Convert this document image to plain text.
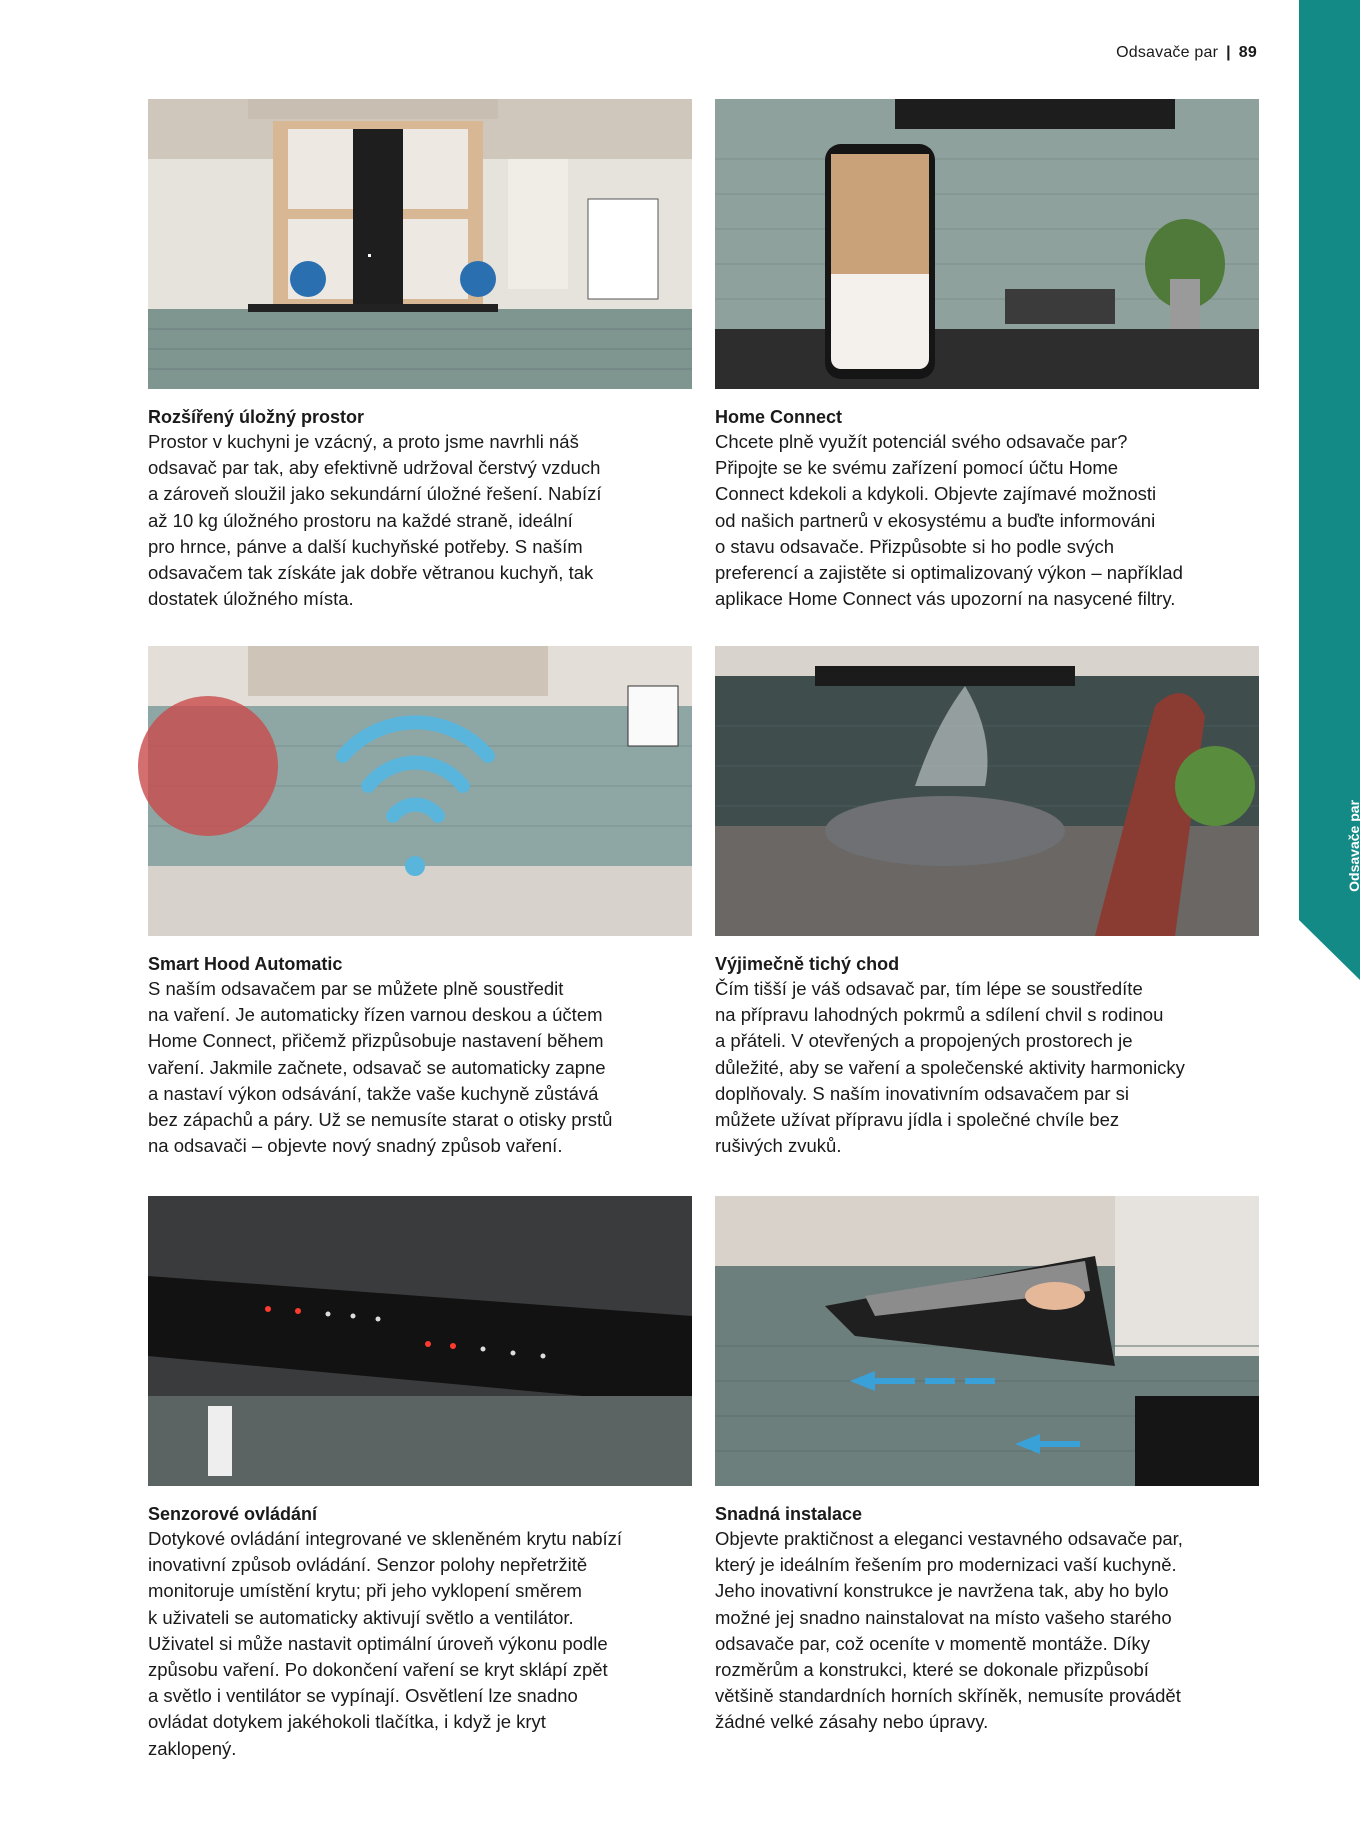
Odsavače par | 89
Odsavače par
Rozšířený úložný prostor
Prostor v kuchyni je vzácný, a proto jsme navrhli náš
odsavač par tak, aby efektivně udržoval čerstvý vzduch
a zároveň sloužil jako sekundární úložné řešení. Nabízí
až 10 kg úložného prostoru na každé straně, ideální
pro hrnce, pánve a další kuchyňské potřeby. S naším
odsavačem tak získáte jak dobře větranou kuchyň, tak
dostatek úložného místa.
Home Connect
Chcete plně využít potenciál svého odsavače par?
Připojte se ke svému zařízení pomocí účtu Home
Connect kdekoli a kdykoli. Objevte zajímavé možnosti
od našich partnerů v ekosystému a buďte informováni
o stavu odsavače. Přizpůsobte si ho podle svých
preferencí a zajistěte si optimalizovaný výkon – například
aplikace Home Connect vás upozorní na nasycené filtry.
Smart Hood Automatic
S naším odsavačem par se můžete plně soustředit
na vaření. Je automaticky řízen varnou deskou a účtem
Home Connect, přičemž přizpůsobuje nastavení během
vaření. Jakmile začnete, odsavač se automaticky zapne
a nastaví výkon odsávání, takže vaše kuchyně zůstává
bez zápachů a páry. Už se nemusíte starat o otisky prstů
na odsavači – objevte nový snadný způsob vaření.
Výjimečně tichý chod
Čím tišší je váš odsavač par, tím lépe se soustředíte
na přípravu lahodných pokrmů a sdílení chvil s rodinou
a přáteli. V otevřených a propojených prostorech je
důležité, aby se vaření a společenské aktivity harmonicky
doplňovaly. S naším inovativním odsavačem par si
můžete užívat přípravu jídla i společné chvíle bez
rušivých zvuků.
Senzorové ovládání
Dotykové ovládání integrované ve skleněném krytu nabízí
inovativní způsob ovládání. Senzor polohy nepřetržitě
monitoruje umístění krytu; při jeho vyklopení směrem
k uživateli se automaticky aktivují světlo a ventilátor.
Uživatel si může nastavit optimální úroveň výkonu podle
způsobu vaření. Po dokončení vaření se kryt sklápí zpět
a světlo i ventilátor se vypínají. Osvětlení lze snadno
ovládat dotykem jakéhokoli tlačítka, i když je kryt
zaklopený.
Snadná instalace
Objevte praktičnost a eleganci vestavného odsavače par,
který je ideálním řešením pro modernizaci vaší kuchyně.
Jeho inovativní konstrukce je navržena tak, aby ho bylo
možné jej snadno nainstalovat na místo vašeho starého
odsavače par, což oceníte v momentě montáže. Díky
rozměrům a konstrukci, které se dokonale přizpůsobí
většině standardních horních skříněk, nemusíte provádět
žádné velké zásahy nebo úpravy.
